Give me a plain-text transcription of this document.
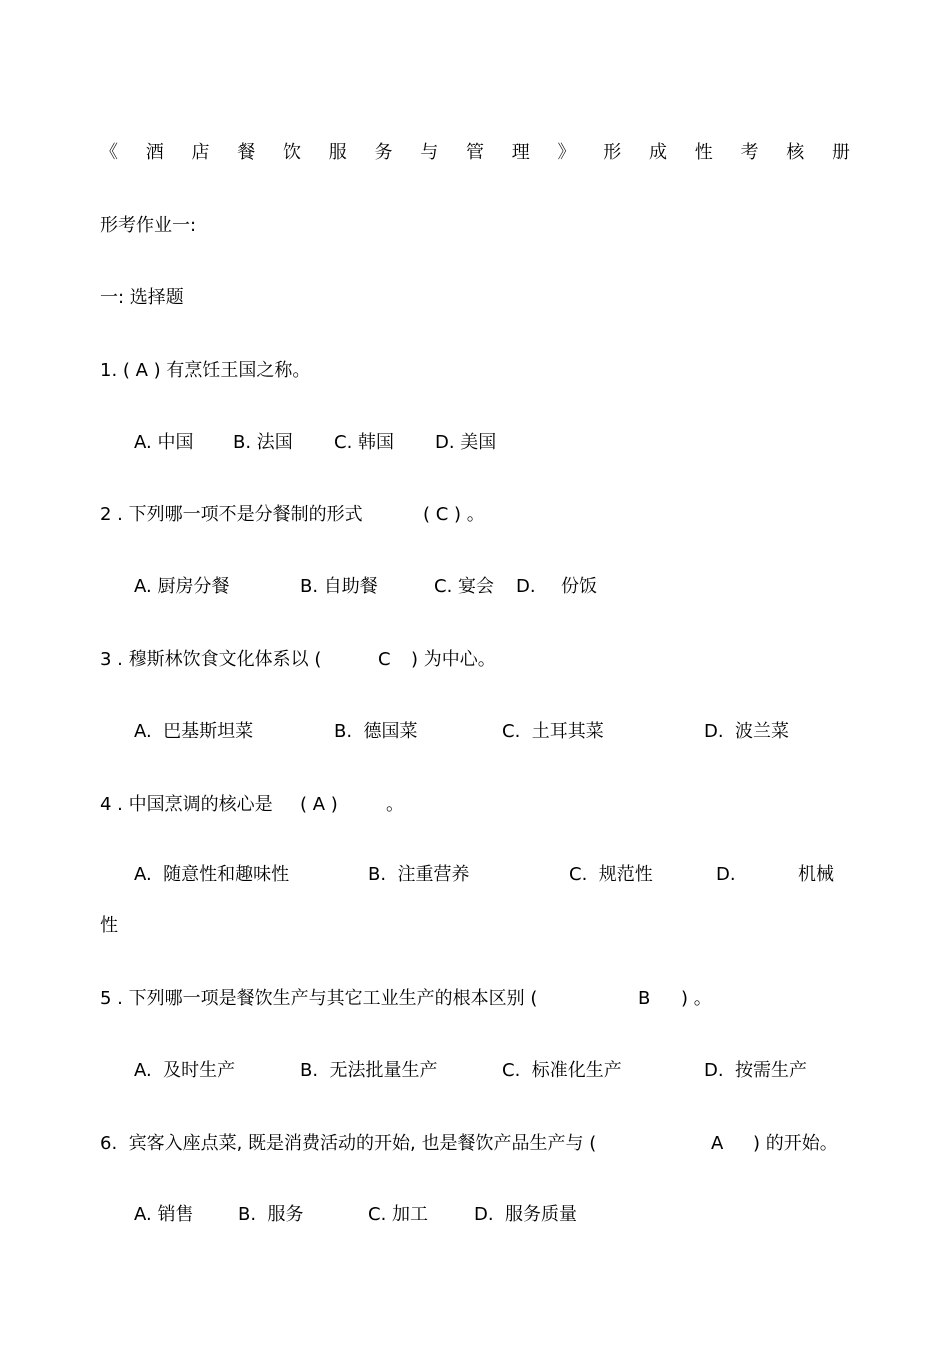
《 酒 店 餐 饮 服 务 与 管 理 》 形 成 性 考 核 册
形考作业一:
一: 选择题
1. ( A ) 有烹饪王国之称。
A. 中国 B. 法国 C. 韩国 D. 美国
2 . 下列哪一项不是分餐制的形式	( C ) 。
A. 厨房分餐	B. 自助餐	C. 宴会 D. 份饭
3 . 穆斯林饮食文化体系以 (	C ) 为中心。
A.  巴基斯坦菜	B.  德国菜	C.  土耳其菜	D.  波兰菜
4 . 中国烹调的核心是 ( A )	。
A.  随意性和趣味性	B.  注重营养	C.  规范性	D.	机械
性
5 . 下列哪一项是餐饮生产与其它工业生产的根本区别 (	B ) 。
A.  及时生产	B.  无法批量生产	C.  标准化生产	D.  按需生产
6.  宾客入座点菜, 既是消费活动的开始, 也是餐饮产品生产与 (	A ) 的开始。
A. 销售 B.  服务	C. 加工	D.  服务质量
